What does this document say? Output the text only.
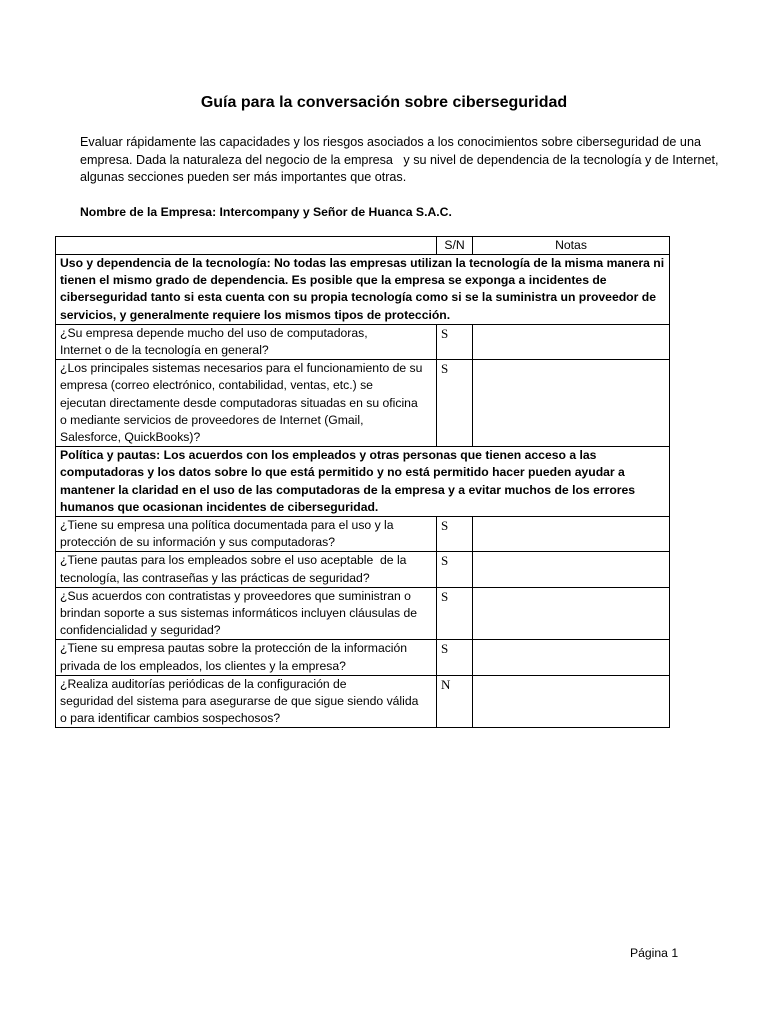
Guía para la conversación sobre ciberseguridad
Evaluar rápidamente las capacidades y los riesgos asociados a los conocimientos sobre ciberseguridad de una
empresa. Dada la naturaleza del negocio de la empresa   y su nivel de dependencia de la tecnología y de Internet,
algunas secciones pueden ser más importantes que otras.
Nombre de la Empresa: Intercompany y Señor de Huanca S.A.C.
	S/N	Notas

Uso y dependencia de la tecnología: No todas las empresas utilizan la tecnología de la misma manera ni
tienen el mismo grado de dependencia. Es posible que la empresa se exponga a incidentes de
ciberseguridad tanto si esta cuenta con su propia tecnología como si se la suministra un proveedor de
servicios, y generalmente requiere los mismos tipos de protección.		

¿Su empresa depende mucho del uso de computadoras,
Internet o de la tecnología en general?	S	

¿Los principales sistemas necesarios para el funcionamiento de su
empresa (correo electrónico, contabilidad, ventas, etc.) se
ejecutan directamente desde computadoras situadas en su oficina
o mediante servicios de proveedores de Internet (Gmail,
Salesforce, QuickBooks)?	S	

Política y pautas: Los acuerdos con los empleados y otras personas que tienen acceso a las
computadoras y los datos sobre lo que está permitido y no está permitido hacer pueden ayudar a
mantener la claridad en el uso de las computadoras de la empresa y a evitar muchos de los errores
humanos que ocasionan incidentes de ciberseguridad.		

¿Tiene su empresa una política documentada para el uso y la
protección de su información y sus computadoras?	S	

¿Tiene pautas para los empleados sobre el uso aceptable  de la
tecnología, las contraseñas y las prácticas de seguridad?	S	

¿Sus acuerdos con contratistas y proveedores que suministran o
brindan soporte a sus sistemas informáticos incluyen cláusulas de
confidencialidad y seguridad?	S	

¿Tiene su empresa pautas sobre la protección de la información
privada de los empleados, los clientes y la empresa?	S	

¿Realiza auditorías periódicas de la configuración de
seguridad del sistema para asegurarse de que sigue siendo válida
o para identificar cambios sospechosos?	N	
Página 1
